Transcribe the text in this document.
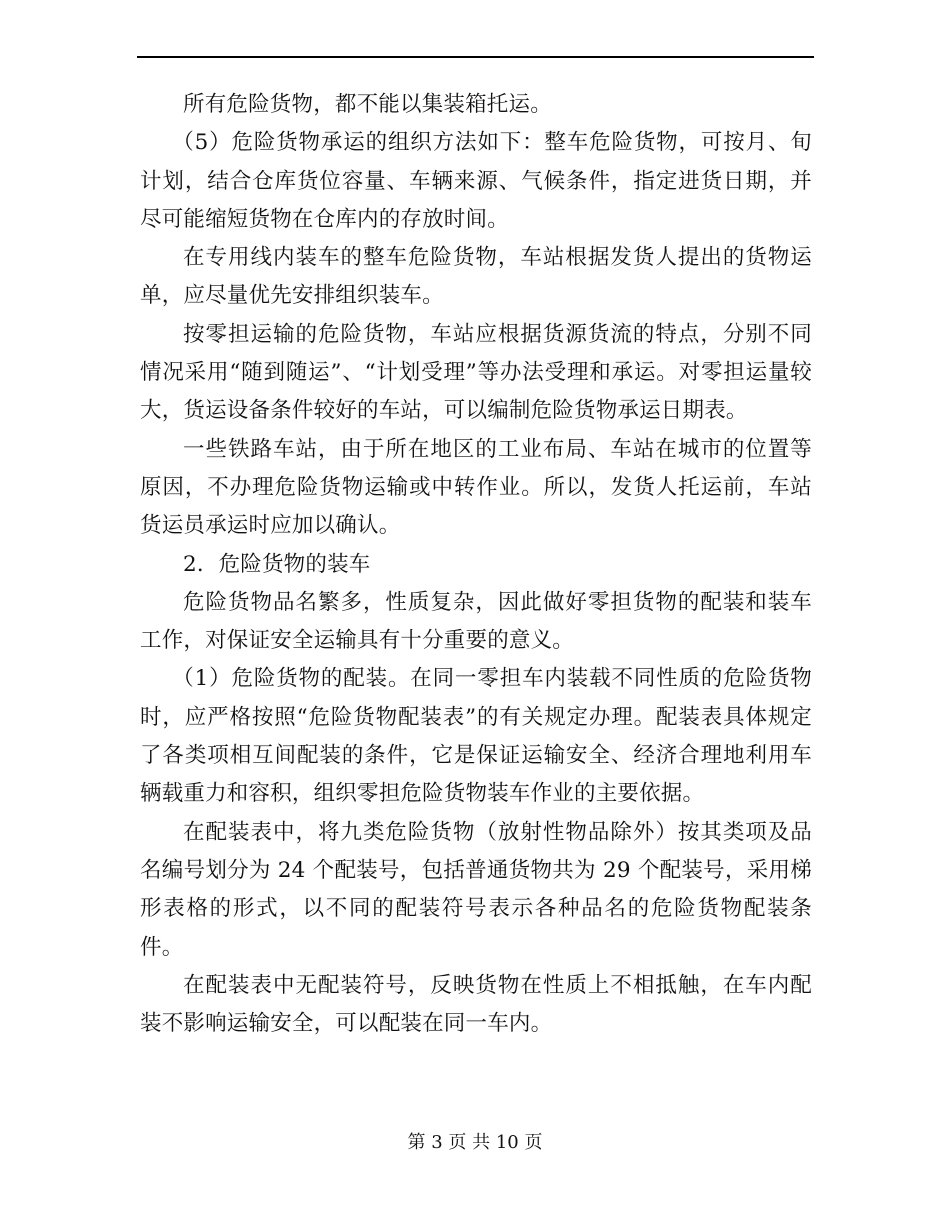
所有危险货物，都不能以集装箱托运。

（5）危险货物承运的组织方法如下：整车危险货物，可按月、旬计划，结合仓库货位容量、车辆来源、气候条件，指定进货日期，并尽可能缩短货物在仓库内的存放时间。

在专用线内装车的整车危险货物，车站根据发货人提出的货物运单，应尽量优先安排组织装车。

按零担运输的危险货物，车站应根据货源货流的特点，分别不同情况采用“随到随运”、“计划受理”等办法受理和承运。对零担运量较大，货运设备条件较好的车站，可以编制危险货物承运日期表。

一些铁路车站，由于所在地区的工业布局、车站在城市的位置等原因，不办理危险货物运输或中转作业。所以，发货人托运前，车站货运员承运时应加以确认。

2．危险货物的装车

危险货物品名繁多，性质复杂，因此做好零担货物的配装和装车工作，对保证安全运输具有十分重要的意义。

（1）危险货物的配装。在同一零担车内装载不同性质的危险货物时，应严格按照“危险货物配装表”的有关规定办理。配装表具体规定了各类项相互间配装的条件，它是保证运输安全、经济合理地利用车辆载重力和容积，组织零担危险货物装车作业的主要依据。

在配装表中，将九类危险货物（放射性物品除外）按其类项及品名编号划分为 24 个配装号，包括普通货物共为 29 个配装号，采用梯形表格的形式，以不同的配装符号表示各种品名的危险货物配装条件。

在配装表中无配装符号，反映货物在性质上不相抵触，在车内配装不影响运输安全，可以配装在同一车内。

第 3 页 共 10 页
